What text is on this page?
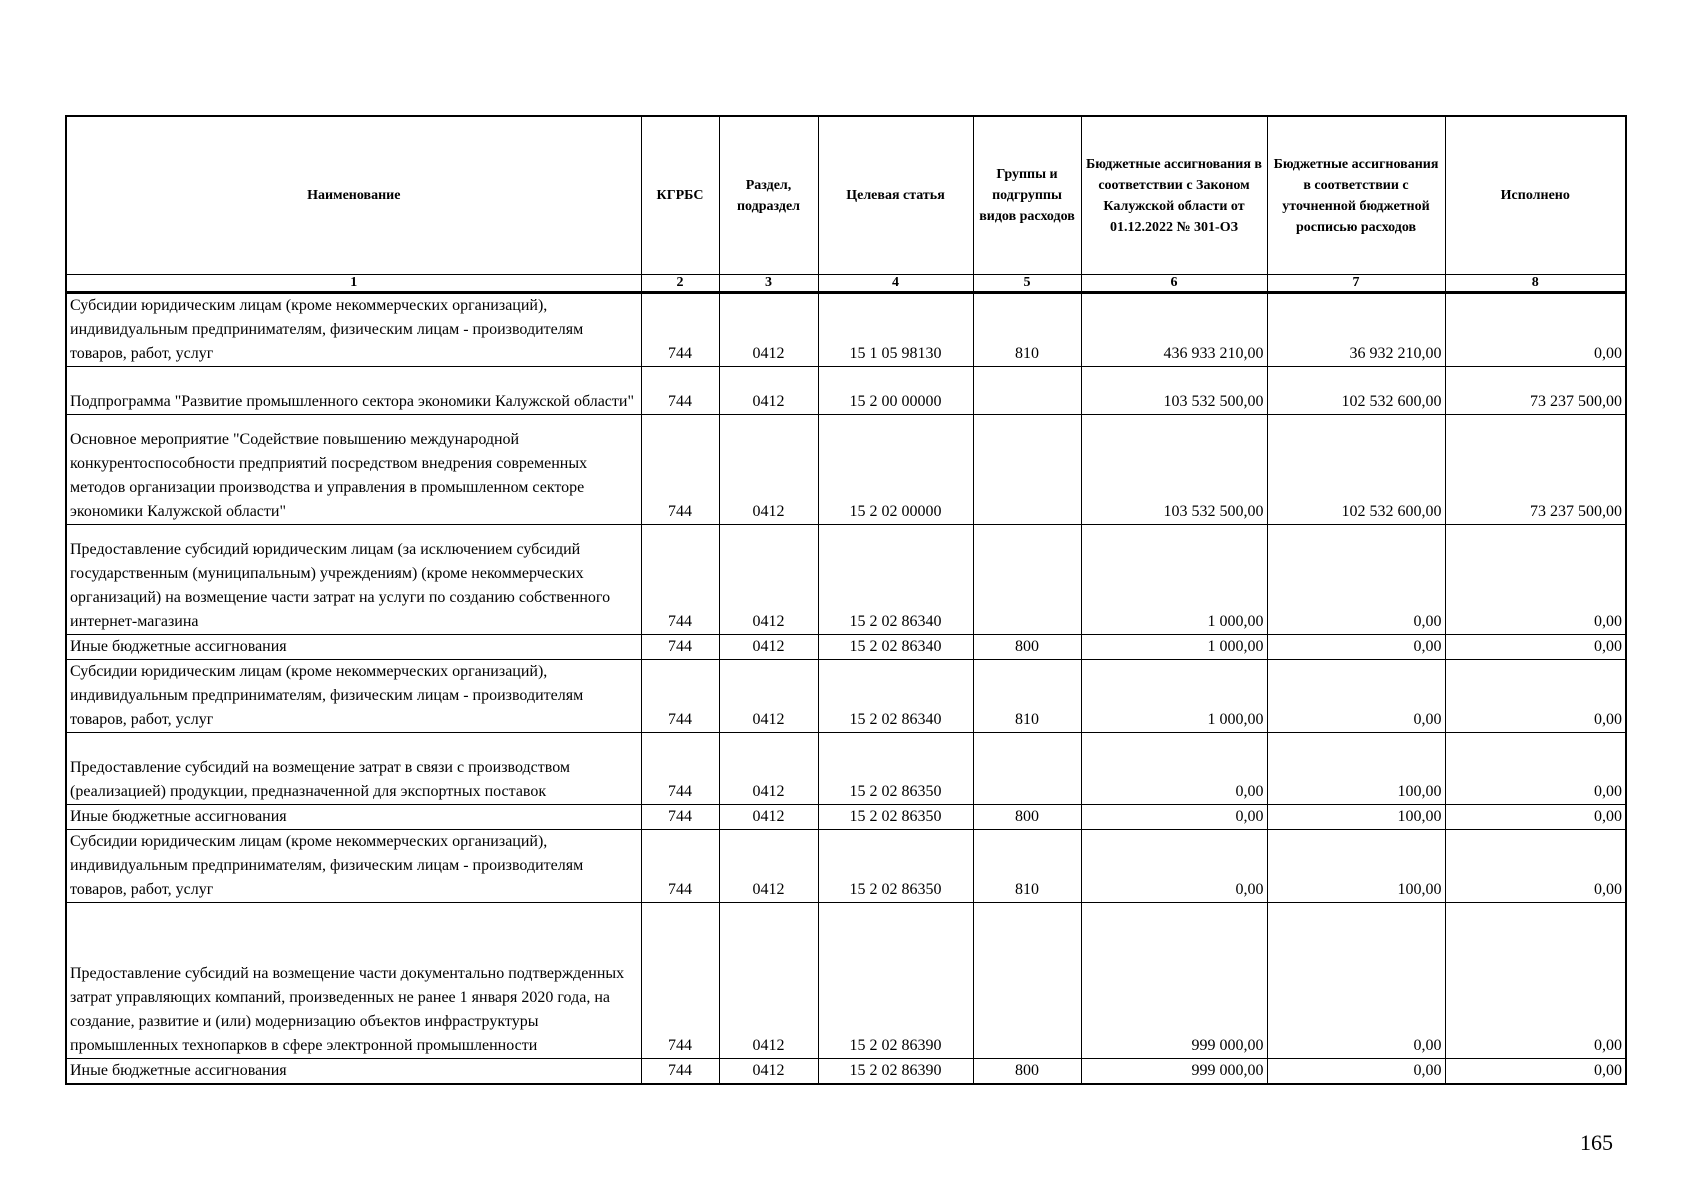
Наименование	КГРБС	Раздел, подраздел	Целевая статья	Группы и подгруппы видов расходов	Бюджетные ассигнования в соответствии с Законом Калужской области от 01.12.2022 № 301-ОЗ	Бюджетные ассигнования в соответствии с уточненной бюджетной росписью расходов	Исполнено
1	2	3	4	5	6	7	8
Субсидии юридическим лицам (кроме некоммерческих организаций), индивидуальным предпринимателям, физическим лицам - производителям товаров, работ, услуг	744	0412	15 1 05 98130	810	436 933 210,00	36 932 210,00	0,00
Подпрограмма "Развитие промышленного сектора экономики Калужской области"	744	0412	15 2 00 00000		103 532 500,00	102 532 600,00	73 237 500,00
Основное мероприятие "Содействие повышению международной конкурентоспособности предприятий посредством внедрения современных методов организации производства и управления в промышленном секторе экономики Калужской области"	744	0412	15 2 02 00000		103 532 500,00	102 532 600,00	73 237 500,00
Предоставление субсидий юридическим лицам (за исключением субсидий государственным (муниципальным) учреждениям) (кроме некоммерческих организаций) на возмещение части затрат на услуги по созданию собственного интернет-магазина	744	0412	15 2 02 86340		1 000,00	0,00	0,00
Иные бюджетные ассигнования	744	0412	15 2 02 86340	800	1 000,00	0,00	0,00
Субсидии юридическим лицам (кроме некоммерческих организаций), индивидуальным предпринимателям, физическим лицам - производителям товаров, работ, услуг	744	0412	15 2 02 86340	810	1 000,00	0,00	0,00
Предоставление субсидий на возмещение затрат в связи с производством (реализацией) продукции, предназначенной для экспортных поставок	744	0412	15 2 02 86350		0,00	100,00	0,00
Иные бюджетные ассигнования	744	0412	15 2 02 86350	800	0,00	100,00	0,00
Субсидии юридическим лицам (кроме некоммерческих организаций), индивидуальным предпринимателям, физическим лицам - производителям товаров, работ, услуг	744	0412	15 2 02 86350	810	0,00	100,00	0,00
Предоставление субсидий на возмещение части документально подтвержденных затрат управляющих компаний, произведенных не ранее 1 января 2020 года, на создание, развитие и (или) модернизацию объектов инфраструктуры промышленных технопарков в сфере электронной промышленности	744	0412	15 2 02 86390		999 000,00	0,00	0,00
Иные бюджетные ассигнования	744	0412	15 2 02 86390	800	999 000,00	0,00	0,00
165
